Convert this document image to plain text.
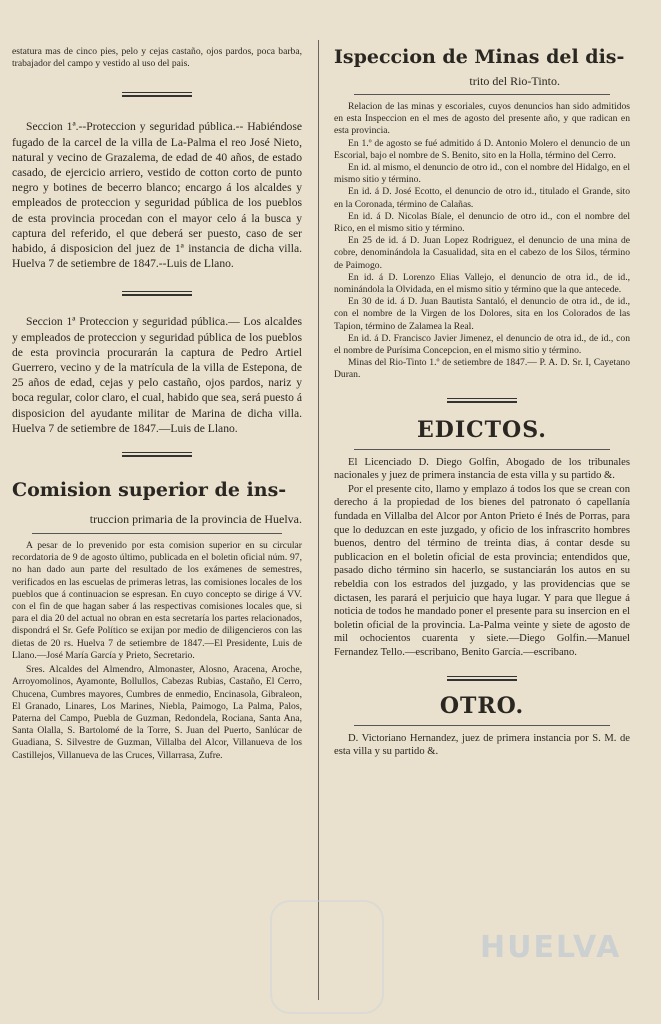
estatura mas de cinco pies, pelo y cejas castaño, ojos pardos, poca barba, trabajador del campo y vestido al uso del pais.

Seccion 1ª.--Proteccion y seguridad pública.-- Habiéndose fugado de la carcel de la villa de La-Palma el reo José Nieto, natural y vecino de Grazalema, de edad de 40 años, de estado casado, de ejercicio arriero, vestido de cotton corto de punto negro y botines de becerro blanco; encargo á los alcaldes y empleados de proteccion y seguridad pública de los pueblos de esta provincia procedan con el mayor celo á la busca y captura del referido, el que deberá ser puesto, caso de ser habido, á disposicion del juez de 1ª instancia de dicha villa. Huelva 7 de setiembre de 1847.--Luis de Llano.

Seccion 1ª Proteccion y seguridad pública.— Los alcaldes y empleados de proteccion y seguridad pública de los pueblos de esta provincia procurarán la captura de Pedro Artiel Guerrero, vecino y de la matrícula de la villa de Estepona, de 25 años de edad, cejas y pelo castaño, ojos pardos, nariz y boca regular, color claro, el cual, habido que sea, será puesto á disposicion del ayudante militar de Marina de dicha villa. Huelva 7 de setiembre de 1847.—Luis de Llano.

Comision superior de ins-
truccion primaria de la provincia de Huelva.

A pesar de lo prevenido por esta comision superior en su circular recordatoria de 9 de agosto último, publicada en el boletin oficial núm. 97, no han dado aun parte del resultado de los exámenes de semestres, verificados en las escuelas de primeras letras, las comisiones locales de los pueblos que á continuacion se espresan. En cuyo concepto se dirige á VV. con el fin de que hagan saber á las respectivas comisiones locales que, si para el dia 20 del actual no obran en esta secretaría los partes relacionados, dispondrá el Sr. Gefe Político se exijan por medio de diligencieros con las dietas de 20 rs. Huelva 7 de setiembre de 1847.—El Presidente, Luis de Llano.—José María García y Prieto, Secretario.

Sres. Alcaldes del Almendro, Almonaster, Alosno, Aracena, Aroche, Arroyomolinos, Ayamonte, Bollullos, Cabezas Rubias, Castaño, El Cerro, Chucena, Cumbres mayores, Cumbres de enmedio, Encinasola, Gibraleon, El Granado, Linares, Los Marines, Niebla, Paimogo, La Palma, Palos, Paterna del Campo, Puebla de Guzman, Redondela, Rociana, Santa Ana, Santa Olalla, S. Bartolomé de la Torre, S. Juan del Puerto, Sanlúcar de Guadiana, S. Silvestre de Guzman, Villalba del Alcor, Villanueva de los Castillejos, Villanueva de las Cruces, Villarrasa, Zufre.

Ispeccion de Minas del dis-
trito del Rio-Tinto.

Relacion de las minas y escoriales, cuyos denuncios han sido admitidos en esta Inspeccion en el mes de agosto del presente año, y que radican en esta provincia.

En 1.º de agosto se fué admitido á D. Antonio Molero el denuncio de un Escorial, bajo el nombre de S. Benito, sito en la Holla, término del Cerro.

En id. al mismo, el denuncio de otro id., con el nombre del Hidalgo, en el mismo sitio y término.

En id. á D. José Ecotto, el denuncio de otro id., titulado el Grande, sito en la Coronada, término de Calañas.

En id. á D. Nicolas Bíale, el denuncio de otro id., con el nombre del Rico, en el mismo sitio y término.

En 25 de id. á D. Juan Lopez Rodriguez, el denuncio de una mina de cobre, denominándola la Casualidad, sita en el cabezo de los Silos, término de Paimogo.

En id. á D. Lorenzo Elias Vallejo, el denuncio de otra id., de id., nominándola la Olvidada, en el mismo sitio y término que la que antecede.

En 30 de id. á D. Juan Bautista Santaló, el denuncio de otra id., de id., con el nombre de la Virgen de los Dolores, sita en los Colorados de las Tapion, término de Zalamea la Real.

En id. á D. Francisco Javier Jimenez, el denuncio de otra id., de id., con el nombre de Purísima Concepcion, en el mismo sitio y término.

Minas del Rio-Tinto 1.º de setiembre de 1847.— P. A. D. Sr. I, Cayetano Duran.

EDICTOS.

El Licenciado D. Diego Golfin, Abogado de los tribunales nacionales y juez de primera instancia de esta villa y su partido &.

Por el presente cito, llamo y emplazo á todos los que se crean con derecho á la propiedad de los bienes del patronato ó capellanía fundada en Villalba del Alcor por Anton Prieto é Inés de Porras, para que lo deduzcan en este juzgado, y oficio de los infrascrito hombres buenos, dentro del término de treinta dias, á contar desde su publicacion en el boletin oficial de esta provincia; entendidos que, pasado dicho término sin hacerlo, se sustanciarán los autos en su rebeldia con los estrados del juzgado, y las providencias que se dictasen, les parará el perjuicio que haya lugar. Y para que llegue á noticia de todos he mandado poner el presente para su insercion en el boletin oficial de la provincia. La-Palma veinte y siete de agosto de mil ochocientos cuarenta y siete.—Diego Golfin.—Manuel Fernandez Tello.—escribano, Benito García.—escribano.

OTRO.

D. Victoriano Hernandez, juez de primera instancia por S. M. de esta villa y su partido &.

HUELVA
